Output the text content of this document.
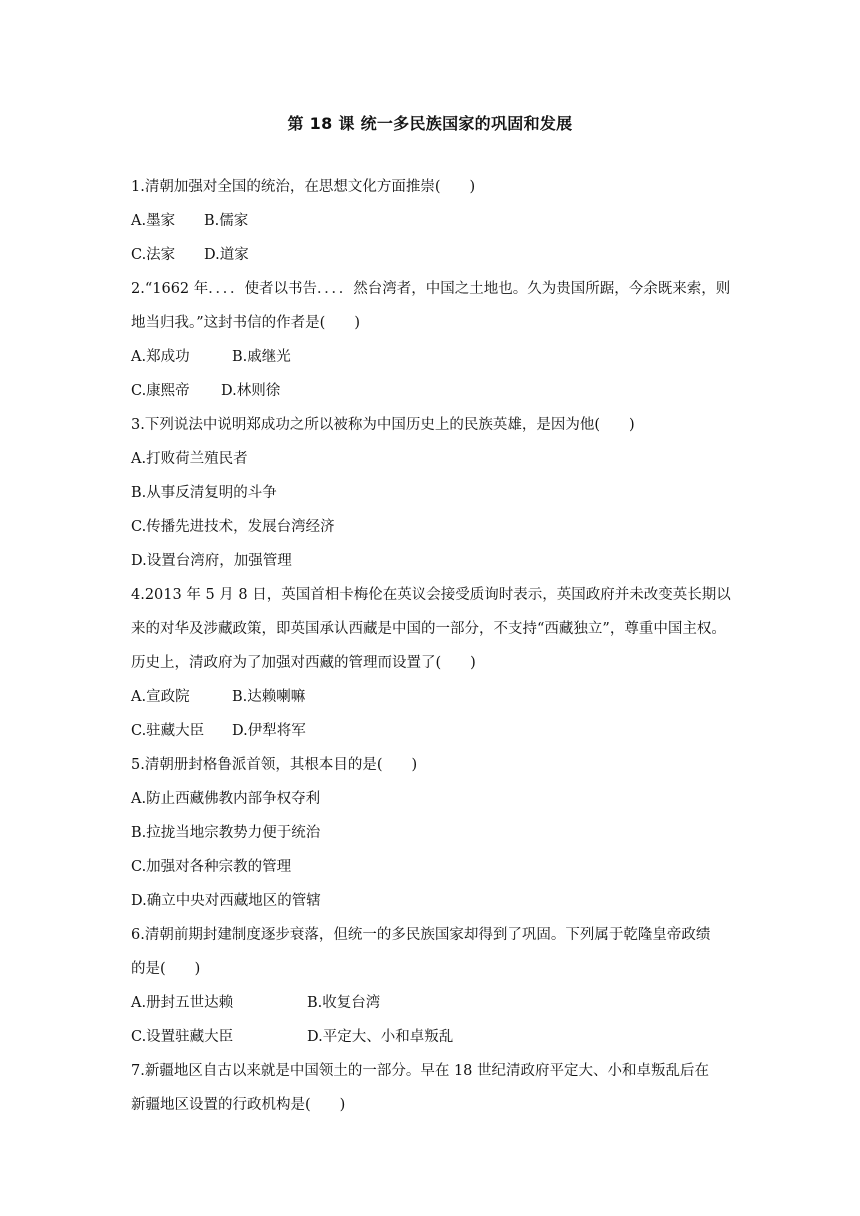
第 18 课 统一多民族国家的巩固和发展
1.清朝加强对全国的统治，在思想文化方面推崇(　　)
A.墨家	B.儒家
C.法家	D.道家
2.“1662 年．．．．使者以书告．．．．然台湾者，中国之土地也。久为贵国所踞，今余既来索，则
地当归我。”这封书信的作者是(　　)
A.郑成功	B.戚继光
C.康熙帝	D.林则徐
3.下列说法中说明郑成功之所以被称为中国历史上的民族英雄，是因为他(　　)
A.打败荷兰殖民者
B.从事反清复明的斗争
C.传播先进技术，发展台湾经济
D.设置台湾府，加强管理
4.2013 年 5 月 8 日，英国首相卡梅伦在英议会接受质询时表示，英国政府并未改变英长期以
来的对华及涉藏政策，即英国承认西藏是中国的一部分，不支持“西藏独立”，尊重中国主权。
历史上，清政府为了加强对西藏的管理而设置了(　　)
A.宣政院	B.达赖喇嘛
C.驻藏大臣	D.伊犁将军
5.清朝册封格鲁派首领，其根本目的是(　　)
A.防止西藏佛教内部争权夺利
B.拉拢当地宗教势力便于统治
C.加强对各种宗教的管理
D.确立中央对西藏地区的管辖
6.清朝前期封建制度逐步衰落，但统一的多民族国家却得到了巩固。下列属于乾隆皇帝政绩
的是(　　)
A.册封五世达赖	B.收复台湾
C.设置驻藏大臣	D.平定大、小和卓叛乱
7.新疆地区自古以来就是中国领土的一部分。早在 18 世纪清政府平定大、小和卓叛乱后在
新疆地区设置的行政机构是(　　)
